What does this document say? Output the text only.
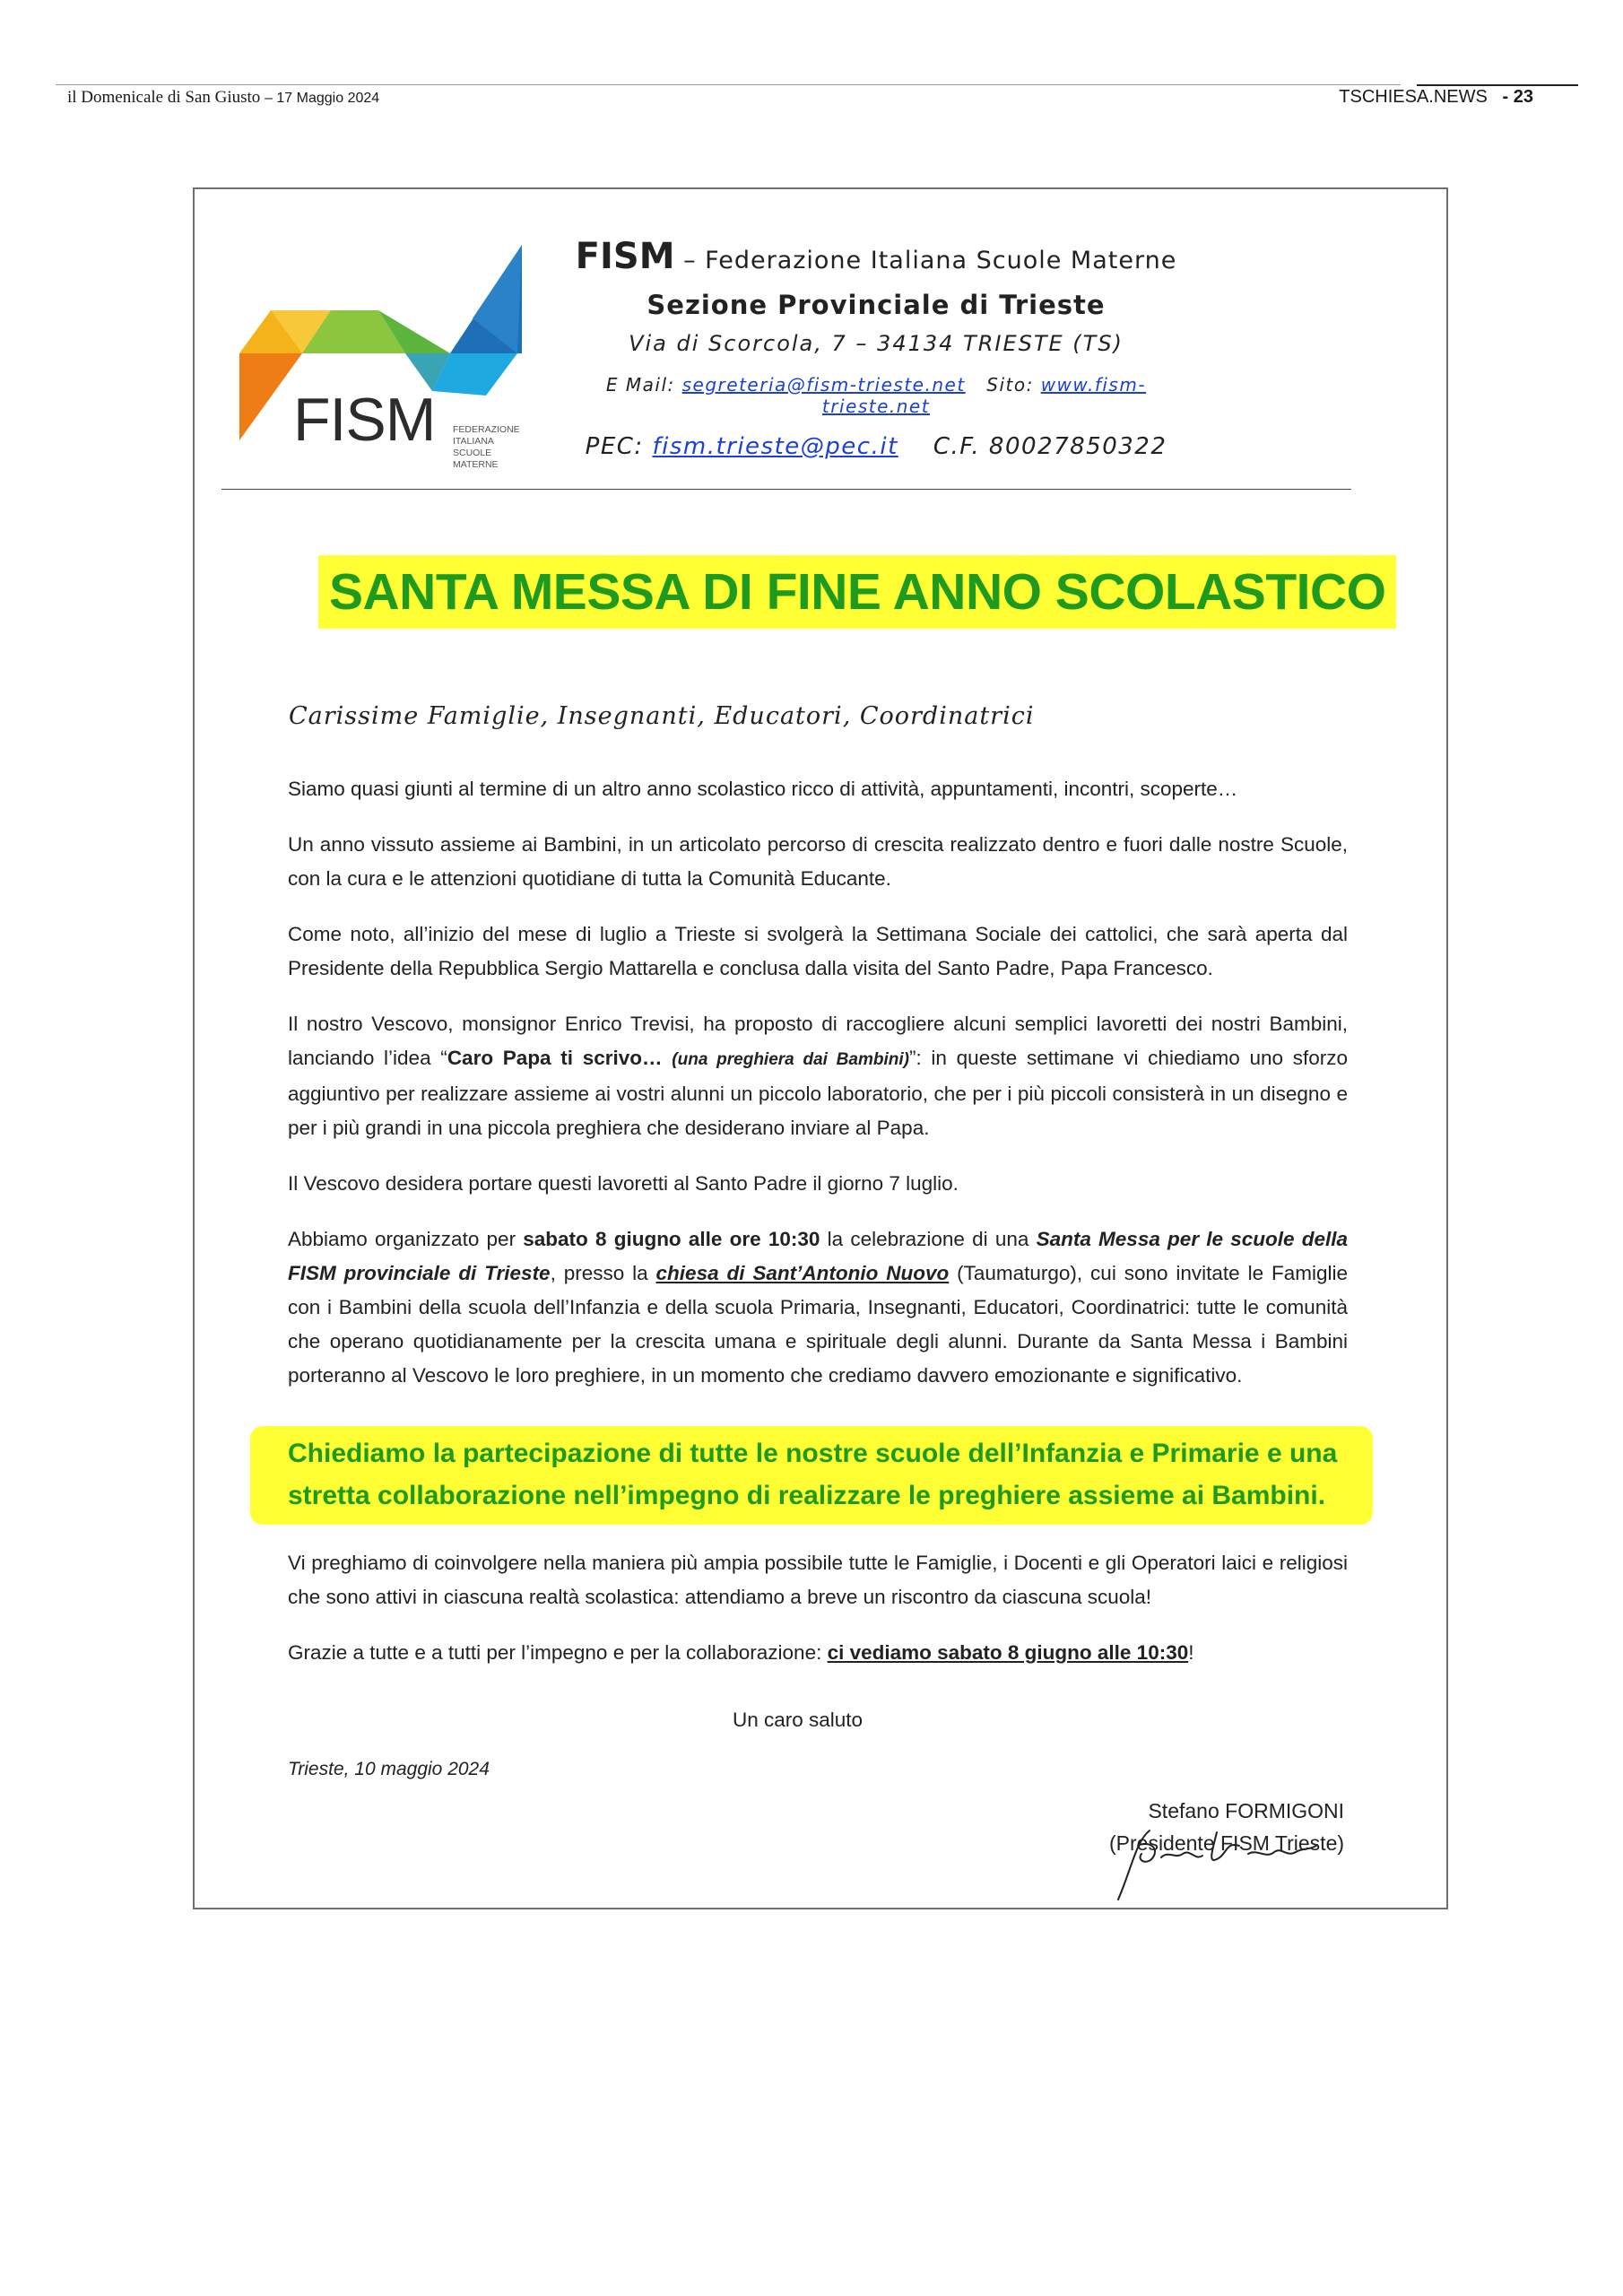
il Domenicale di San Giusto – 17 Maggio 2024	TSCHIESA.NEWS - 23
FISM FEDERAZIONE
ITALIANA
SCUOLE
MATERNE
FISM – Federazione Italiana Scuole Materne
Sezione Provinciale di Trieste
Via di Scorcola, 7 – 34134 TRIESTE (TS)
E Mail: segreteria@fism-trieste.net Sito: www.fism-trieste.net
PEC: fism.trieste@pec.it C.F. 80027850322
SANTA MESSA DI FINE ANNO SCOLASTICO
Carissime Famiglie, Insegnanti, Educatori, Coordinatrici

Siamo quasi giunti al termine di un altro anno scolastico ricco di attività, appuntamenti, incontri, scoperte…

Un anno vissuto assieme ai Bambini, in un articolato percorso di crescita realizzato dentro e fuori dalle nostre Scuole, con la cura e le attenzioni quotidiane di tutta la Comunità Educante.

Come noto, all’inizio del mese di luglio a Trieste si svolgerà la Settimana Sociale dei cattolici, che sarà aperta dal Presidente della Repubblica Sergio Mattarella e conclusa dalla visita del Santo Padre, Papa Francesco.

Il nostro Vescovo, monsignor Enrico Trevisi, ha proposto di raccogliere alcuni semplici lavoretti dei nostri Bambini, lanciando l’idea “Caro Papa ti scrivo… (una preghiera dai Bambini)”: in queste settimane vi chiediamo uno sforzo aggiuntivo per realizzare assieme ai vostri alunni un piccolo laboratorio, che per i più piccoli consisterà in un disegno e per i più grandi in una piccola preghiera che desiderano inviare al Papa.

Il Vescovo desidera portare questi lavoretti al Santo Padre il giorno 7 luglio.

Abbiamo organizzato per sabato 8 giugno alle ore 10:30 la celebrazione di una Santa Messa per le scuole della FISM provinciale di Trieste, presso la chiesa di Sant’Antonio Nuovo (Taumaturgo), cui sono invitate le Famiglie con i Bambini della scuola dell’Infanzia e della scuola Primaria, Insegnanti, Educatori, Coordinatrici: tutte le comunità che operano quotidianamente per la crescita umana e spirituale degli alunni. Durante da Santa Messa i Bambini porteranno al Vescovo le loro preghiere, in un momento che crediamo davvero emozionante e significativo.

Chiediamo la partecipazione di tutte le nostre scuole dell’Infanzia e Primarie e una stretta collaborazione nell’impegno di realizzare le preghiere assieme ai Bambini.

Vi preghiamo di coinvolgere nella maniera più ampia possibile tutte le Famiglie, i Docenti e gli Operatori laici e religiosi che sono attivi in ciascuna realtà scolastica: attendiamo a breve un riscontro da ciascuna scuola!

Grazie a tutte e a tutti per l’impegno e per la collaborazione: ci vediamo sabato 8 giugno alle 10:30!

Un caro saluto
Trieste, 10 maggio 2024
Stefano FORMIGONI
(Presidente FISM Trieste)
